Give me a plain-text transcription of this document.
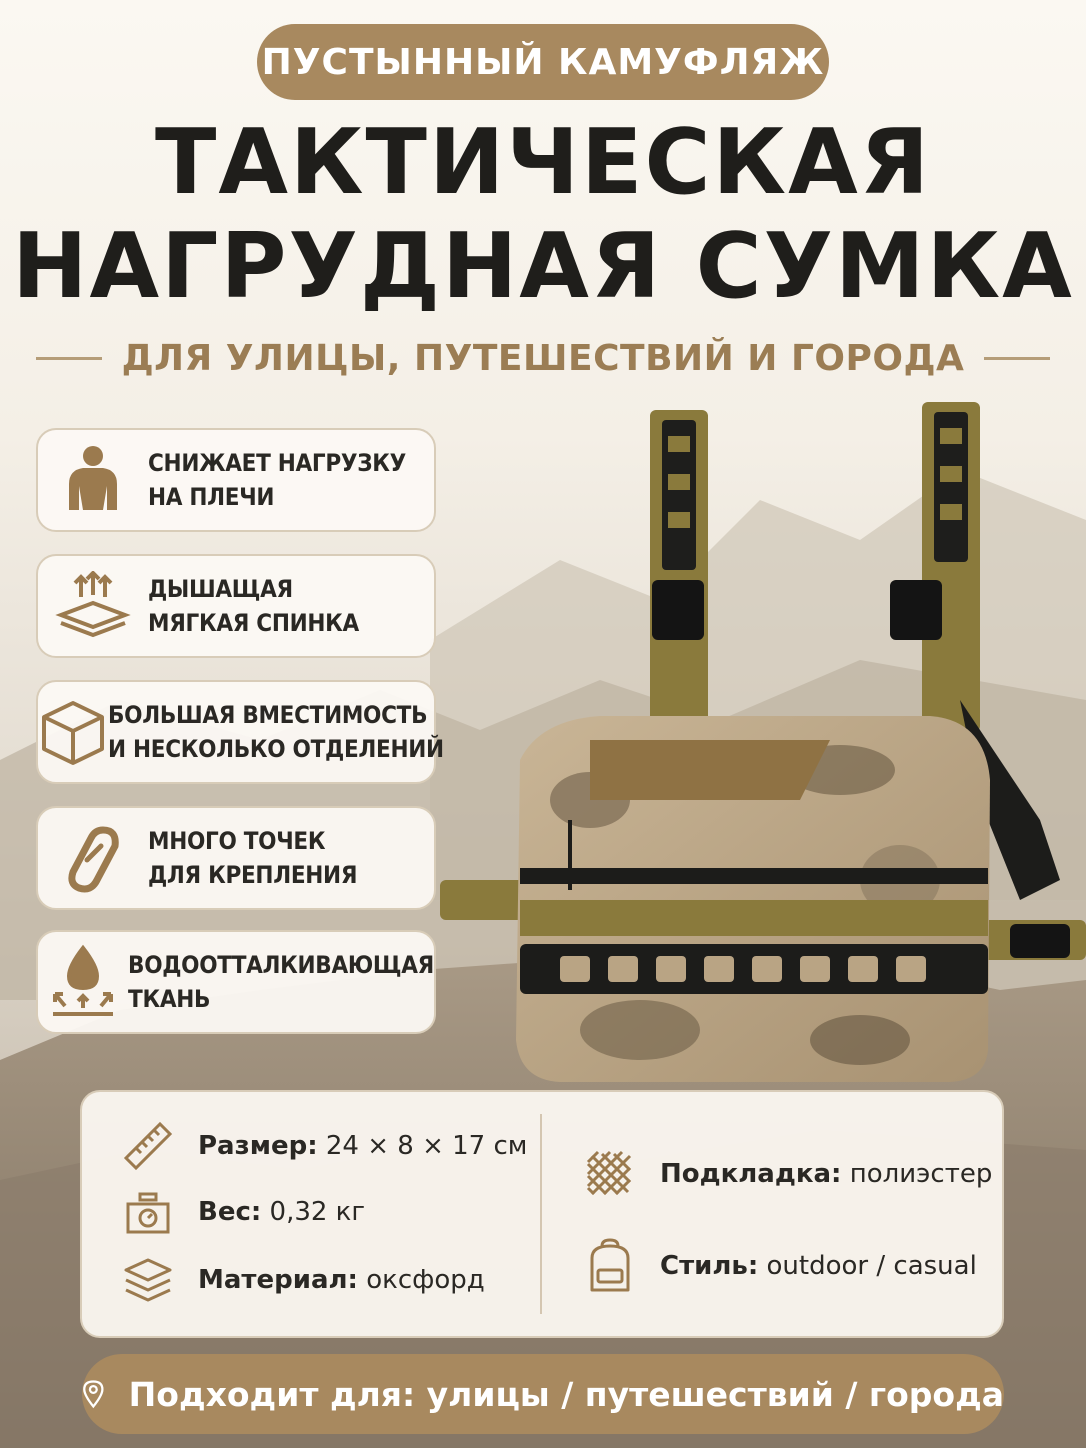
ПУСТЫННЫЙ КАМУФЛЯЖ
ТАКТИЧЕСКАЯ
НАГРУДНАЯ СУМКА
ДЛЯ УЛИЦЫ, ПУТЕШЕСТВИЙ И ГОРОДА
СНИЖАЕТ НАГРУЗКУ
НА ПЛЕЧИ
ДЫШАЩАЯ
МЯГКАЯ СПИНКА
БОЛЬШАЯ ВМЕСТИМОСТЬ
И НЕСКОЛЬКО ОТДЕЛЕНИЙ
МНОГО ТОЧЕК
ДЛЯ КРЕПЛЕНИЯ
ВОДООТТАЛКИВАЮЩАЯ
ТКАНЬ
Размер: 24 × 8 × 17 см
Вес: 0,32 кг
Материал: оксфорд
Подкладка: полиэстер
Стиль: outdoor / casual
Подходит для: улицы / путешествий / города
